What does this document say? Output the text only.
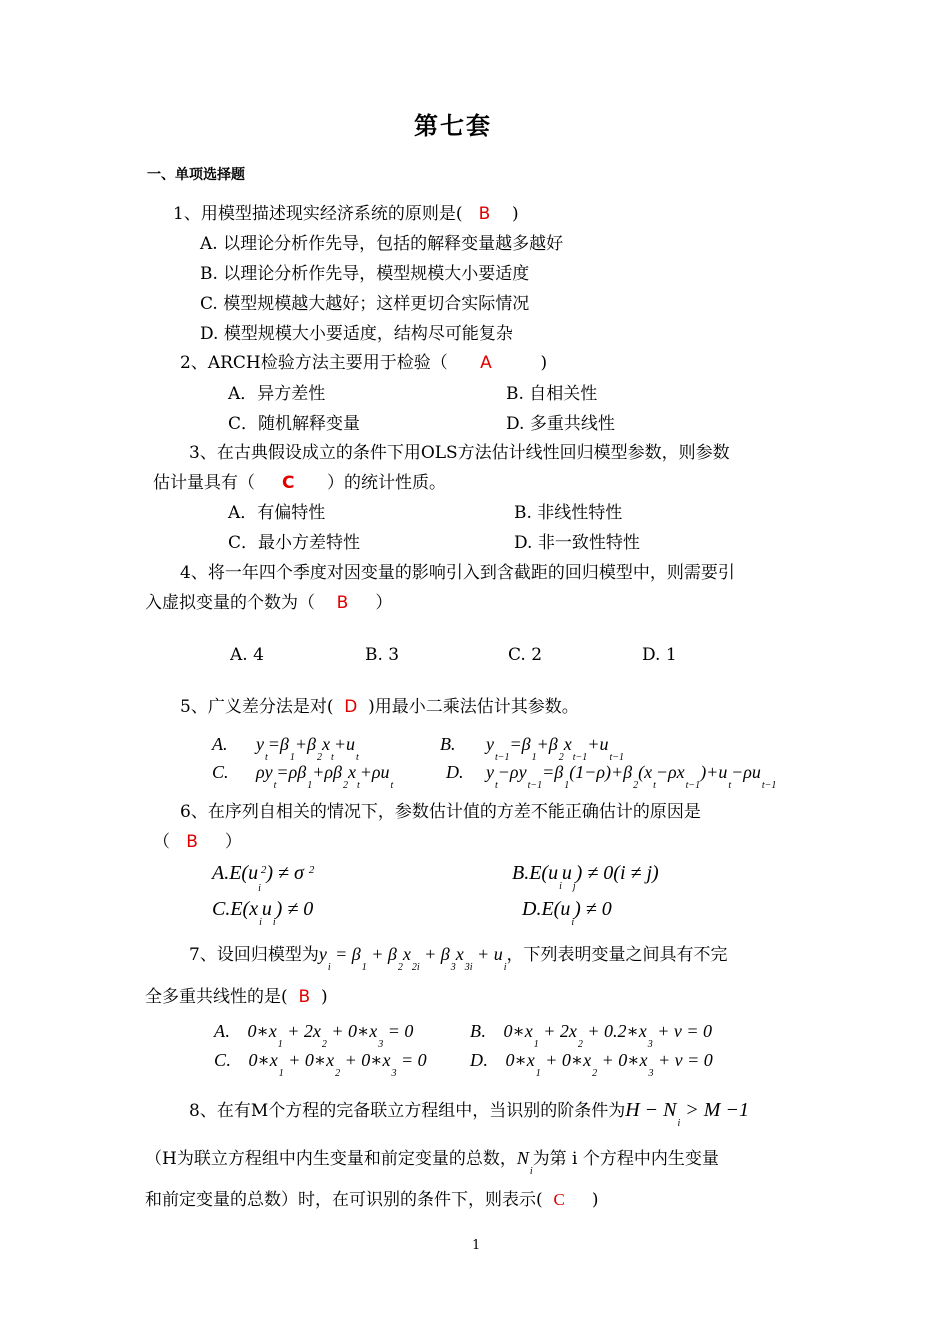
第七套
一、单项选择题
1、用模型描述现实经济系统的原则是( B )
A. 以理论分析作先导，包括的解释变量越多越好
B. 以理论分析作先导，模型规模大小要适度
C. 模型规模越大越好；这样更切合实际情况
D. 模型规模大小要适度，结构尽可能复杂
2、ARCH检验方法主要用于检验（ A	)
A．异方差性	B. 自相关性
C．随机解释变量	D. 多重共线性
3、在古典假设成立的条件下用OLS方法估计线性回归模型参数，则参数
估计量具有（ C ）的统计性质。
A．有偏特性	B. 非线性特性
C．最小方差特性	D. 非一致性特性
4、将一年四个季度对因变量的影响引入到含截距的回归模型中，则需要引
入虚拟变量的个数为（ B ）
A. 4	B. 3	C. 2	D. 1
5、广义差分法是对( D )用最小二乘法估计其参数。
A. $y_t=\beta_1+\beta_2x_t+u_t$
B. $y_{t-1}=\beta_1+\beta_2x_{t-1}+u_{t-1}$
C. $\rho y_t=\rho\beta_1+\rho\beta_2x_t+\rho u_t$
D. $y_t-\rho y_{t-1}=\beta_1(1-\rho)+\beta_2(x_t-\rho x_{t-1})+u_t-\rho u_{t-1}$
6、在序列自相关的情况下，参数估计值的方差不能正确估计的原因是
（ B ）
$A.E(u_i^2) \ne \sigma$ $^2$	$B.E(u_iu_j) \ne 0(i \ne j)$
$C.E(x_iu_i) \ne 0$	$D.E(u_i) \ne 0$
7、设回归模型为$y_i = \beta_1 + \beta_2x_{2i} + \beta_3x_{3i} + u_i$，下列表明变量之间具有不完
全多重共线性的是( B )
A.    $0∗x_1 + 2x_2$ + $0∗x_3 = 0$	B.    $0∗x_1 + 2x_2$ + $0.2∗x_3 + v = 0$
C.    $0∗x_1$ + $0∗x_2$ + $0∗x_3 = 0$ D.    $0∗x_1$ + $0∗x_2$ + $0∗x_3 + v = 0$
8、在有M个方程的完备联立方程组中，当识别的阶条件为$H - N_i > M -1$
（H为联立方程组中内生变量和前定变量的总数，$N_i$为第 i 个方程中内生变量
和前定变量的总数）时，在可识别的条件下，则表示( C )
1
